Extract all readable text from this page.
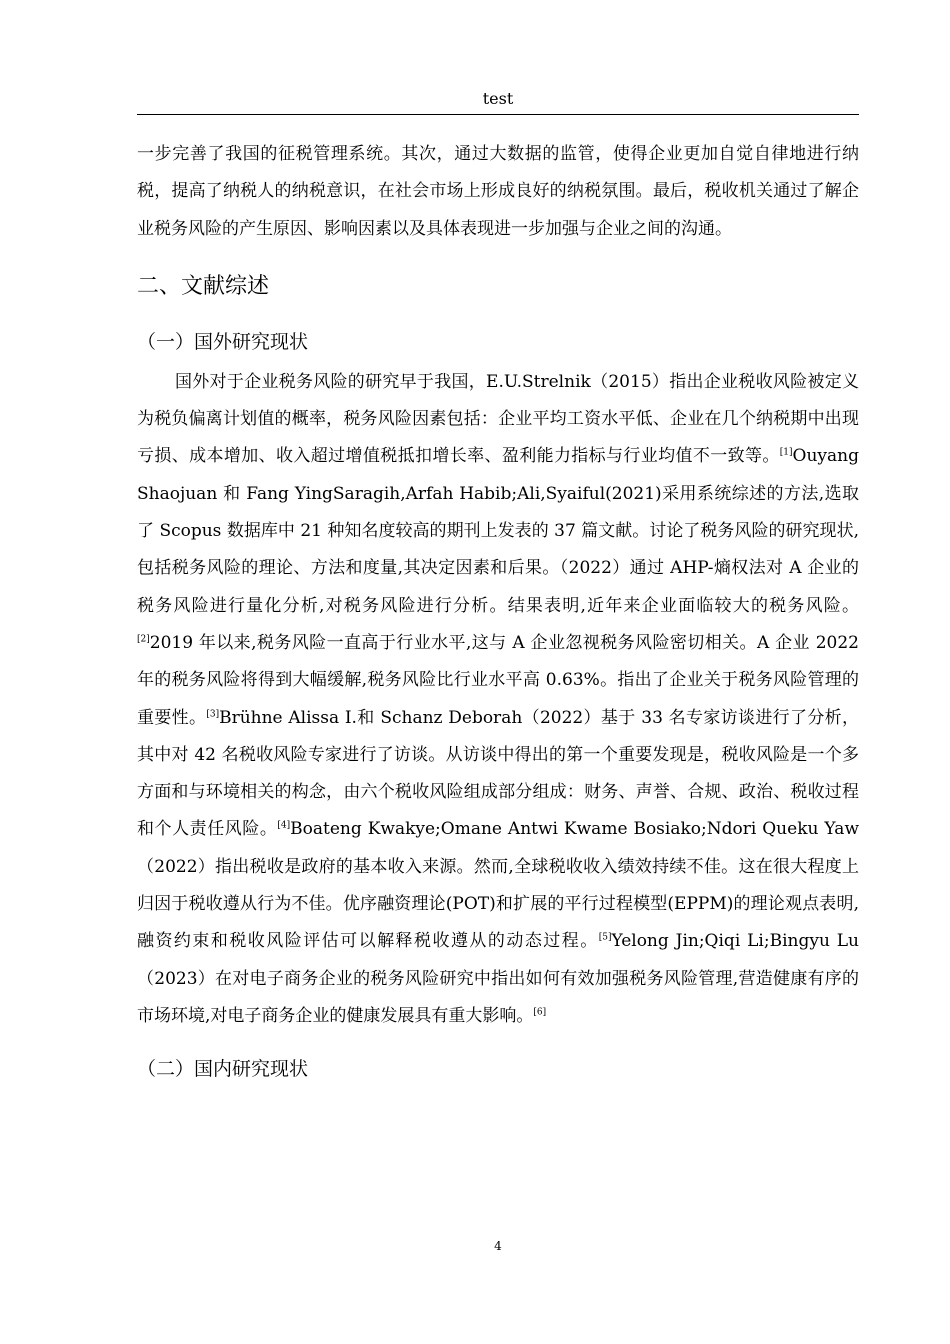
test

一步完善了我国的征税管理系统。其次，通过大数据的监管，使得企业更加自觉自律地进行纳税，提高了纳税人的纳税意识，在社会市场上形成良好的纳税氛围。最后，税收机关通过了解企业税务风险的产生原因、影响因素以及具体表现进一步加强与企业之间的沟通。

二、文献综述
（一）国外研究现状

国外对于企业税务风险的研究早于我国，E.U.Strelnik（2015）指出企业税收风险被定义为税负偏离计划值的概率，税务风险因素包括：企业平均工资水平低、企业在几个纳税期中出现亏损、成本增加、收入超过增值税抵扣增长率、盈利能力指标与行业均值不一致等。[1]Ouyang Shaojuan 和 Fang YingSaragih,Arfah Habib;Ali,Syaiful(2021)采用系统综述的方法,选取了 Scopus 数据库中 21 种知名度较高的期刊上发表的 37 篇文献。讨论了税务风险的研究现状,包括税务风险的理论、方法和度量,其决定因素和后果。（2022）通过 AHP-熵权法对 A 企业的税务风险进行量化分析,对税务风险进行分析。结果表明,近年来企业面临较大的税务风险。[2]2019 年以来,税务风险一直高于行业水平,这与 A 企业忽视税务风险密切相关。A 企业 2022 年的税务风险将得到大幅缓解,税务风险比行业水平高 0.63%。指出了企业关于税务风险管理的重要性。[3]Brühne Alissa I.和 Schanz Deborah（2022）基于 33 名专家访谈进行了分析，其中对 42 名税收风险专家进行了访谈。从访谈中得出的第一个重要发现是，税收风险是一个多方面和与环境相关的构念，由六个税收风险组成部分组成：财务、声誉、合规、政治、税收过程和个人责任风险。[4]Boateng Kwakye;Omane Antwi Kwame Bosiako;Ndori Queku Yaw（2022）指出税收是政府的基本收入来源。然而,全球税收收入绩效持续不佳。这在很大程度上归因于税收遵从行为不佳。优序融资理论(POT)和扩展的平行过程模型(EPPM)的理论观点表明,融资约束和税收风险评估可以解释税收遵从的动态过程。[5]Yelong Jin;Qiqi Li;Bingyu Lu（2023）在对电子商务企业的税务风险研究中指出如何有效加强税务风险管理,营造健康有序的市场环境,对电子商务企业的健康发展具有重大影响。[6]

（二）国内研究现状
4
